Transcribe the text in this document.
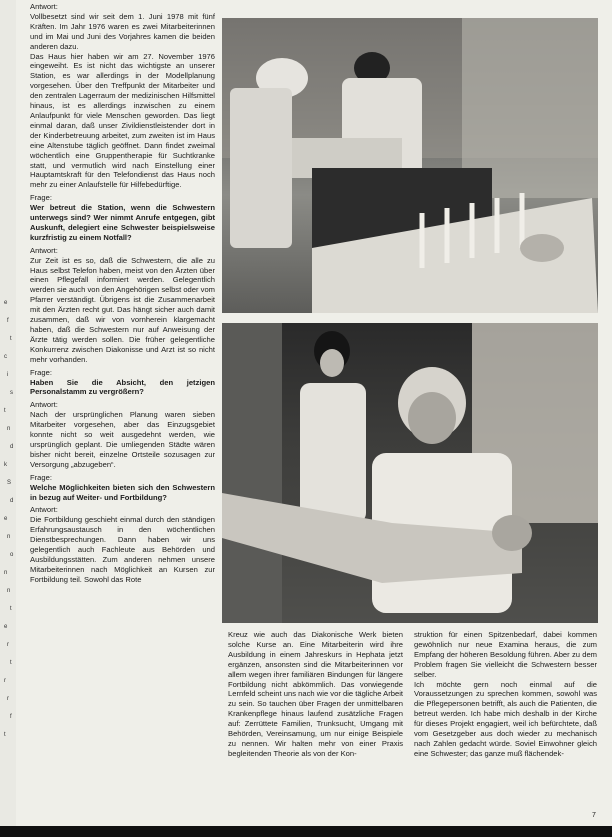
e
f
t
c
i
s
t
n
d
k
S
d
e
n
o
n
n
t
e
r
t
r
r
f
t

Antwort:

Vollbesetzt sind wir seit dem 1. Juni 1978 mit fünf Kräften. Im Jahr 1976 waren es zwei Mitarbeiterinnen und im Mai und Juni des Vorjahres kamen die beiden anderen dazu.

Das Haus hier haben wir am 27. November 1976 eingeweiht. Es ist nicht das wichtigste an unserer Station, es war allerdings in der Modellplanung vorgesehen. Über den Treffpunkt der Mitarbeiter und den zentralen Lagerraum der medizinischen Hilfsmittel hinaus, ist es allerdings inzwischen zu einem Anlaufpunkt für viele Menschen geworden. Das liegt einmal daran, daß unser Zivildienstleistender dort in der Kinderbetreuung arbeitet, zum zweiten ist im Haus eine Altenstube täglich geöffnet. Dann findet zweimal wöchentlich eine Gruppentherapie für Suchtkranke statt, und vermutlich wird nach Einstellung einer Hauptamtskraft für den Telefondienst das Haus noch mehr zu einer Anlaufstelle für Hilfebedürftige.

Frage:

Wer betreut die Station, wenn die Schwestern unterwegs sind? Wer nimmt Anrufe entgegen, gibt Auskunft, delegiert eine Schwester beispielsweise kurzfristig zu einem Notfall?

Antwort:

Zur Zeit ist es so, daß die Schwestern, die alle zu Haus selbst Telefon haben, meist von den Ärzten über einen Pflegefall informiert werden. Gelegentlich werden sie auch von den Angehörigen selbst oder vom Pfarrer verständigt. Übrigens ist die Zusammenarbeit mit den Ärzten recht gut. Das hängt sicher auch damit zusammen, daß wir von vornherein klargemacht haben, daß die Schwestern nur auf Anweisung der Ärzte tätig werden sollen. Die früher gelegentliche Konkurrenz zwischen Diakonisse und Arzt ist so nicht mehr vorhanden.

Frage:

Haben Sie die Absicht, den jetzigen Personalstamm zu vergrößern?

Antwort:

Nach der ursprünglichen Planung waren sieben Mitarbeiter vorgesehen, aber das Einzugsgebiet konnte nicht so weit ausgedehnt werden, wie ursprünglich geplant. Die umliegenden Städte wären bisher nicht bereit, einzelne Ortsteile sozusagen zur Versorgung „abzugeben“.

Frage:

Welche Möglichkeiten bieten sich den Schwestern in bezug auf Weiter- und Fortbildung?

Antwort:

Die Fortbildung geschieht einmal durch den ständigen Erfahrungsaustausch in den wöchentlichen Dienstbesprechungen. Dann haben wir uns gelegentlich auch Fachleute aus Behörden und Ausbildungsstätten. Zum anderen nehmen unsere Mitarbeiterinnen nach Möglichkeit an Kursen zur Fortbildung teil. Sowohl das Rote

Kreuz wie auch das Diakonische Werk bieten solche Kurse an. Eine Mitarbeiterin wird ihre Ausbildung in einem Jahreskurs in Hephata jetzt ergänzen, ansonsten sind die Mitarbeiterinnen vor allem wegen ihrer familiären Bindungen für längere Fortbildung nicht abkömmlich. Das vorwiegende Lernfeld scheint uns nach wie vor die tägliche Arbeit zu sein. So tauchen über Fragen der unmittelbaren Krankenpflege hinaus laufend zusätzliche Fragen auf: Zerrüttete Familien, Trunksucht, Umgang mit Behörden, Vereinsamung, um nur einige Beispiele zu nennen. Wir halten mehr von einer Praxis begleitenden Theorie als von der Kon-

struktion für einen Spitzenbedarf, dabei kommen gewöhnlich nur neue Examina heraus, die zum Empfang der höheren Besoldung führen. Aber zu dem Problem fragen Sie vielleicht die Schwestern besser selber.

Ich möchte gern noch einmal auf die Voraussetzungen zu sprechen kommen, sowohl was die Pflegepersonen betrifft, als auch die Patienten, die betreut werden. Ich habe mich deshalb in der Kirche für dieses Projekt engagiert, weil ich befürchtete, daß vom Gesetzgeber aus doch wieder zu mechanisch nach Zahlen gedacht würde. Soviel Einwohner gleich eine Schwester; das ganze muß flächendek-

7
